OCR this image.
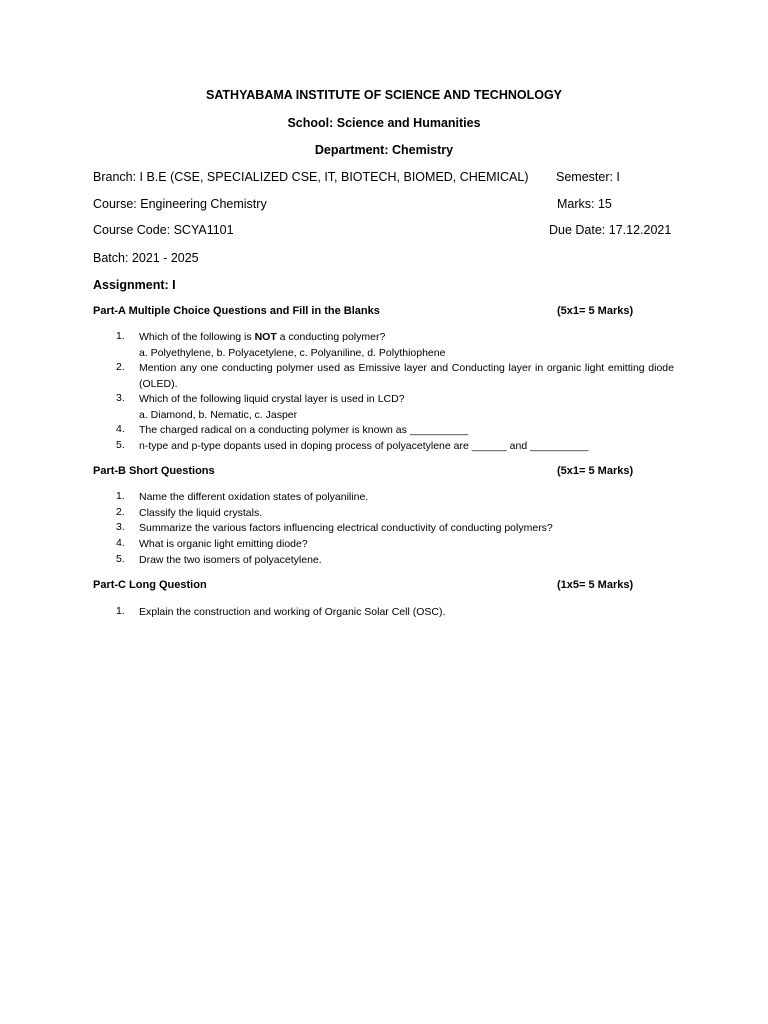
SATHYABAMA INSTITUTE OF SCIENCE AND TECHNOLOGY
School: Science and Humanities
Department: Chemistry
Branch: I B.E (CSE, SPECIALIZED CSE, IT, BIOTECH, BIOMED, CHEMICAL) Semester: I
Course: Engineering Chemistry	Marks: 15
Course Code: SCYA1101	Due Date: 17.12.2021
Batch: 2021 - 2025
Assignment: I
Part-A Multiple Choice Questions and Fill in the Blanks	(5x1= 5 Marks)
1. Which of the following is NOT a conducting polymer?
a. Polyethylene, b. Polyacetylene, c. Polyaniline, d. Polythiophene
2. Mention any one conducting polymer used as Emissive layer and Conducting layer in organic light emitting diode (OLED).
3. Which of the following liquid crystal layer is used in LCD?
a. Diamond, b. Nematic, c. Jasper
4. The charged radical on a conducting polymer is known as __________
5. n-type and p-type dopants used in doping process of polyacetylene are ______ and __________
Part-B Short Questions	(5x1= 5 Marks)
1. Name the different oxidation states of polyaniline.
2. Classify the liquid crystals.
3. Summarize the various factors influencing electrical conductivity of conducting polymers?
4. What is organic light emitting diode?
5. Draw the two isomers of polyacetylene.
Part-C Long Question	(1x5= 5 Marks)
1. Explain the construction and working of Organic Solar Cell (OSC).
